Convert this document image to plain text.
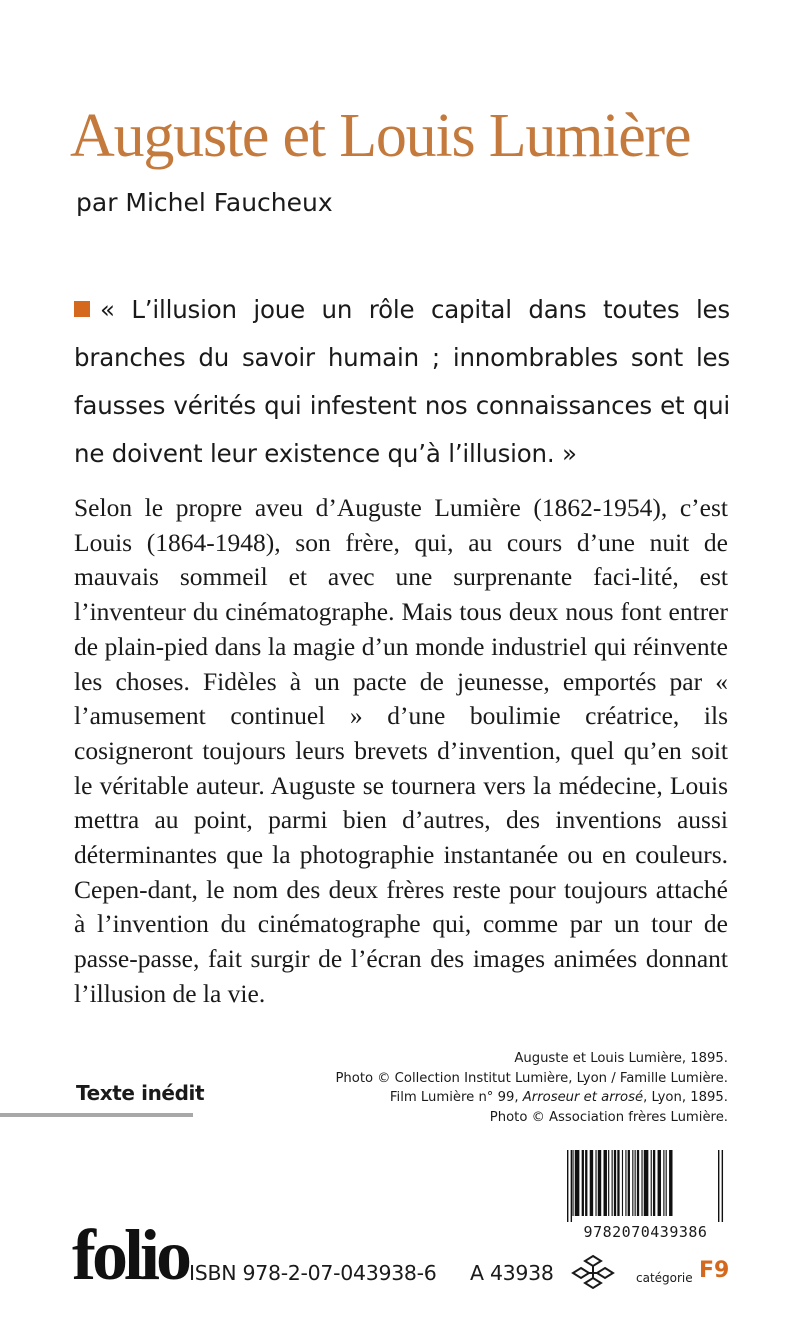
Auguste et Louis Lumière
par Michel Faucheux
« L’illusion joue un rôle capital dans toutes les branches du savoir humain ; innombrables sont les fausses vérités qui infestent nos connaissances et qui ne doivent leur existence qu’à l’illusion. »
Selon le propre aveu d’Auguste Lumière (1862-1954), c’est Louis (1864-1948), son frère, qui, au cours d’une nuit de mauvais sommeil et avec une surprenante faci-lité, est l’inventeur du cinématographe. Mais tous deux nous font entrer de plain-pied dans la magie d’un monde industriel qui réinvente les choses. Fidèles à un pacte de jeunesse, emportés par « l’amusement continuel » d’une boulimie créatrice, ils cosigneront toujours leurs brevets d’invention, quel qu’en soit le véritable auteur. Auguste se tournera vers la médecine, Louis mettra au point, parmi bien d’autres, des inventions aussi déterminantes que la photographie instantanée ou en couleurs. Cepen-dant, le nom des deux frères reste pour toujours attaché à l’invention du cinématographe qui, comme par un tour de passe-passe, fait surgir de l’écran des images animées donnant l’illusion de la vie.
Texte inédit
Auguste et Louis Lumière, 1895.
Photo © Collection Institut Lumière, Lyon / Famille Lumière.
Film Lumière n° 99, Arroseur et arrosé, Lyon, 1895.
Photo © Association frères Lumière.
9782070439386
folio ISBN 978-2-07-043938-6 A 43938	catégorie F9
